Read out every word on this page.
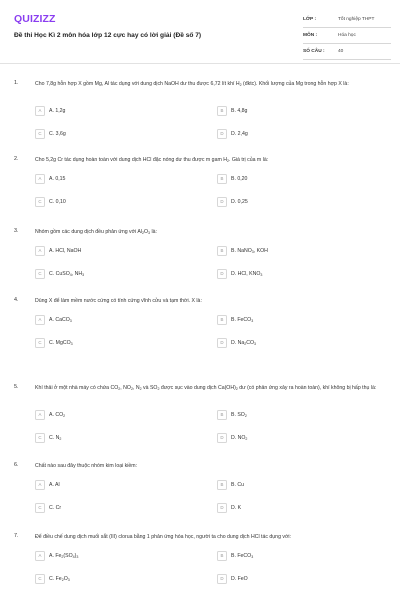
QUIZIZZ
Đề thi Học Kì 2 môn hóa lớp 12 cực hay có lời giải (Đề số 7)
LỚP :	Tốt nghiệp THPT
MÔN :	Hóa học
SỐ CÂU :	40
1.	Cho 7,8g hỗn hợp X gồm Mg, Al tác dụng với dung dịch NaOH dư thu được 6,72 lít khí $H_2$ (đktc). Khối lượng của Mg trong hỗn hợp X là:
A	A. 1,2g	B	B. 4,8g
C	C. 3,6g	D	D. 2,4g
2.	Cho 5,2g Cr tác dụng hoàn toàn với dung dịch HCl đặc nóng dư thu được m gam $H_2$. Giá trị của m là:
A	A. 0,15	B	B. 0,20
C	C. 0,10	D	D. 0,25
3.	Nhóm gồm các dung dịch đều phản ứng với $Al_2O_3$ là:
A	A. HCl, NaOH	B	B. NaNO$_3$, KOH
C	C. CuSO$_4$, $NH_3$	D	D. HCl, $KNO_3$
4.	Dùng X để làm mềm nước cứng có tính cứng vĩnh cửu và tạm thời. X là:
A	A. CaCO$_3$	B	B. FeCO$_3$
C	C. MgCO$_3$	D	D. $Na_2CO_3$
5.	Khí thải ở một nhà máy có chứa $CO_2$, $NO_2$, $N_2$ và $SO_2$ được sục vào dung dịch $Ca(OH)_2$ dư (có phản ứng xảy ra hoàn toàn), khí không bị hấp thụ là:
A	A. $CO_2$	B	B. $SO_2$
C	C. $N_2$	D	D. $NO_2$
6.	Chất nào sau đây thuộc nhóm kim loại kiềm:
A	A. Al	B	B. Cu
C	C. Cr	D	D. K
7.	Để điều chế dung dịch muối sắt (III) clorua bằng 1 phản ứng hóa học, người ta cho dung dịch HCl tác dụng với:
A	A. $Fe_2(SO_4)_3$	B	B. FeCO$_3$
C	C. $Fe_2O_3$	D	D. FeO
